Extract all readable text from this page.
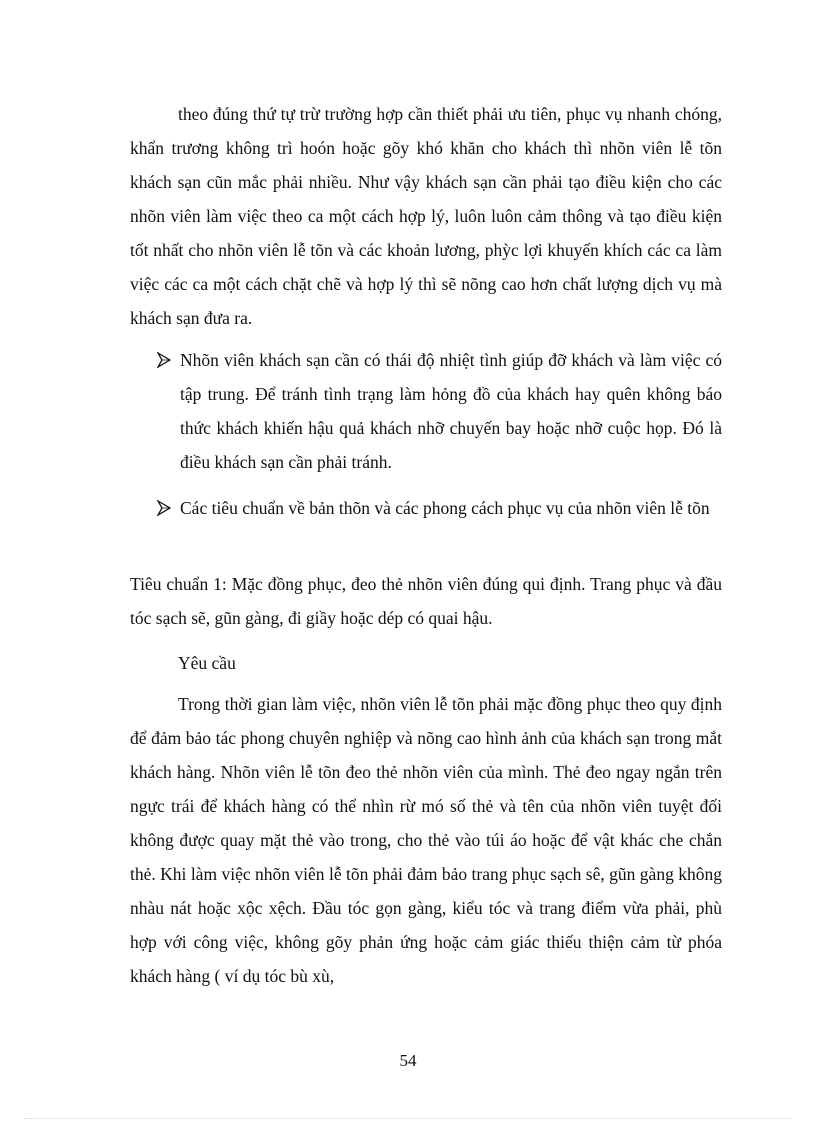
theo đúng thứ tự trừ trường hợp cần thiết phải ưu tiên, phục vụ nhanh chóng, khẩn trương không trì hoón hoặc gõy khó khăn cho khách thì nhõn viên lễ tõn khách sạn cũn mắc phải nhiều. Như vậy khách sạn cần phải tạo điều kiện cho các nhõn viên làm việc theo ca một cách hợp lý, luôn luôn cảm thông và tạo điều kiện tốt nhất cho nhõn viên lễ tõn và các khoản lương, phỳc lợi khuyến khích các ca làm việc các ca một cách chặt chẽ và hợp lý thì sẽ nõng cao hơn chất lượng dịch vụ mà khách sạn đưa ra.

Nhõn viên khách sạn cần có thái độ nhiệt tình giúp đỡ khách và làm việc có tập trung. Để tránh tình trạng làm hỏng đồ của khách hay quên không báo thức khách khiến hậu quả khách nhỡ chuyến bay hoặc nhỡ cuộc họp. Đó là điều khách sạn cần phải tránh.

Các tiêu chuẩn về bản thõn và các phong cách phục vụ của nhõn viên lễ tõn

Tiêu chuẩn 1: Mặc đồng phục, đeo thẻ nhõn viên đúng qui định. Trang phục và đầu tóc sạch sẽ, gũn gàng, đi giầy hoặc dép có quai hậu.

Yêu cầu

Trong thời gian làm việc, nhõn viên lễ tõn phải mặc đồng phục theo quy định để đảm bảo tác phong chuyên nghiệp và nõng cao hình ảnh của khách sạn trong mắt khách hàng. Nhõn viên lễ tõn đeo thẻ nhõn viên của mình. Thẻ đeo ngay ngắn trên ngực trái để khách hàng có thể nhìn rừ mó số thẻ và tên của nhõn viên tuyệt đối không được quay mặt thẻ vào trong, cho thẻ vào túi áo hoặc để vật khác che chắn thẻ. Khi làm việc nhõn viên lễ tõn phải đảm bảo trang phục sạch sê, gũn gàng không nhàu nát hoặc xộc xệch. Đầu tóc gọn gàng, kiểu tóc và trang điểm vừa phải, phù hợp với công việc, không gõy phản ứng hoặc cảm giác thiếu thiện cảm từ phóa khách hàng ( ví dụ tóc bù xù,

54
